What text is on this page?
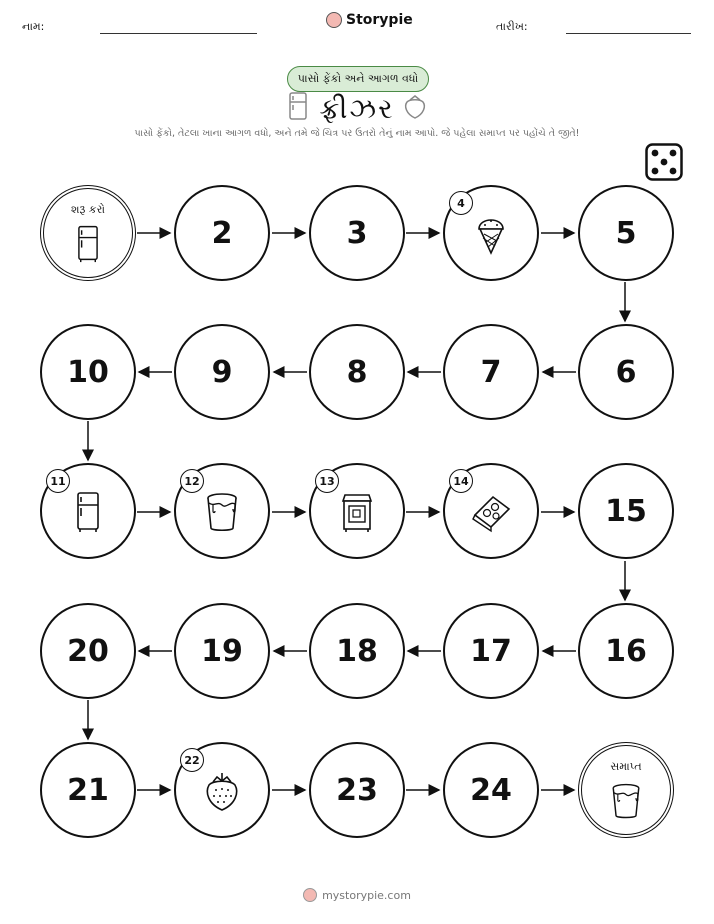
નામ:	Storypie	તારીખ:
પાસો ફેંકો અને આગળ વધો
ફ્રીઝર
પાસો ફેંકો, તેટલા ખાના આગળ વધો, અને તમે જે ચિત્ર પર ઉતરો તેનું નામ આપો. જે પહેલા સમાપ્ત પર પહોંચે તે જીતે!
શરૂ કરો
2	3
4
5
10	9	8	7	6
11	12	13	14
15
20	19	18	17	16
21
22
23	24
સમાપ્ત
mystorypie.com
